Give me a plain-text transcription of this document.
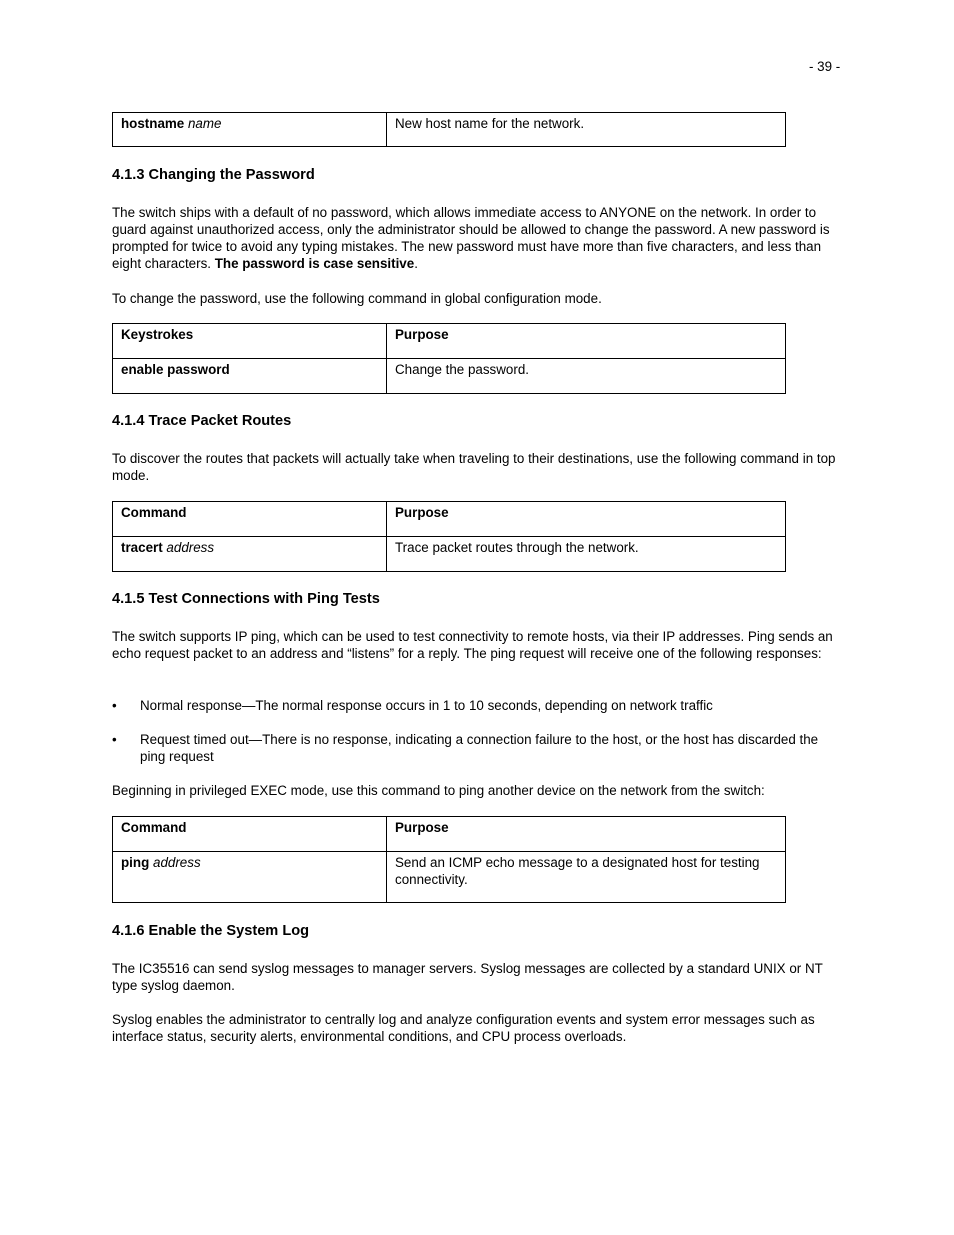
- 39 -
hostname name	New host name for the network.
4.1.3 Changing the Password

The switch ships with a default of no password, which allows immediate access to ANYONE on the network. In order to guard against unauthorized access, only the administrator should be allowed to change the password. A new password is prompted for twice to avoid any typing mistakes. The new password must have more than five characters, and less than eight characters. The password is case sensitive.

To change the password, use the following command in global configuration mode.

Keystrokes	Purpose
enable password	Change the password.
4.1.4 Trace Packet Routes

To discover the routes that packets will actually take when traveling to their destinations, use the following command in top mode.

Command	Purpose
tracert address	Trace packet routes through the network.
4.1.5 Test Connections with Ping Tests

The switch supports IP ping, which can be used to test connectivity to remote hosts, via their IP addresses. Ping sends an echo request packet to an address and “listens” for a reply. The ping request will receive one of the following responses:

• Normal response—The normal response occurs in 1 to 10 seconds, depending on network traffic
• Request timed out—There is no response, indicating a connection failure to the host, or the host has discarded the ping request

Beginning in privileged EXEC mode, use this command to ping another device on the network from the switch:

Command	Purpose
ping address	Send an ICMP echo message to a designated host for testing connectivity.
4.1.6 Enable the System Log

The IC35516 can send syslog messages to manager servers. Syslog messages are collected by a standard UNIX or NT type syslog daemon.

Syslog enables the administrator to centrally log and analyze configuration events and system error messages such as interface status, security alerts, environmental conditions, and CPU process overloads.
